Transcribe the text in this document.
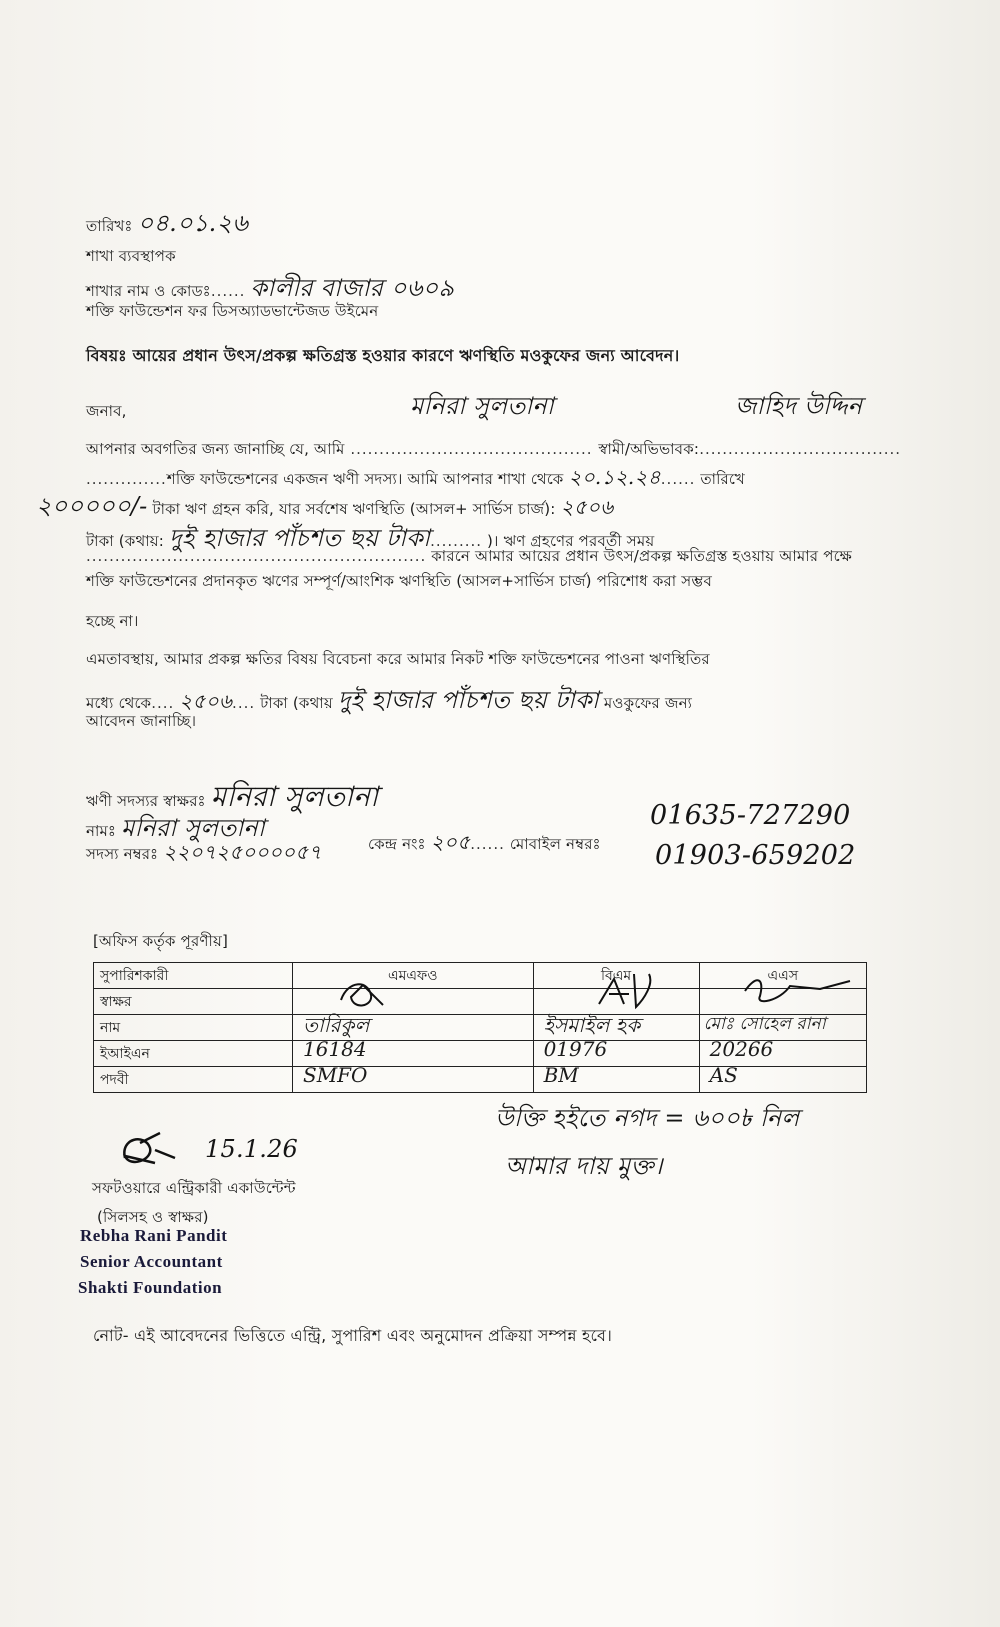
তারিখঃ ০৪.০১.২৬
শাখা ব্যবস্থাপক
শাখার নাম ও কোডঃ...... কালীর বাজার ০৬০৯
শক্তি ফাউন্ডেশন ফর ডিসঅ্যাডভান্টেজড উইমেন
বিষয়ঃ আয়ের প্রধান উৎস/প্রকল্প ক্ষতিগ্রস্ত হওয়ার কারণে ঋণস্থিতি মওকুফের জন্য আবেদন।
জনাব,	মনিরা সুলতানা	জাহিদ উদ্দিন
আপনার অবগতির জন্য জানাচ্ছি যে, আমি .......................................... স্বামী/অভিভাবক:...................................
..............শক্তি ফাউন্ডেশনের একজন ঋণী সদস্য। আমি আপনার শাখা থেকে ২০.১২.২৪...... তারিখে
২০০০০০/- টাকা ঋণ গ্রহন করি, যার সর্বশেষ ঋণস্থিতি (আসল+ সার্ভিস চার্জ): ২৫০৬
টাকা (কথায়: দুই হাজার পাঁচশত ছয় টাকা......... )। ঋণ গ্রহণের পরবর্তী সময়
........................................................... কারনে আমার আয়ের প্রধান উৎস/প্রকল্প ক্ষতিগ্রস্ত হওয়ায় আমার পক্ষে
শক্তি ফাউন্ডেশনের প্রদানকৃত ঋণের সম্পূর্ণ/আংশিক ঋণস্থিতি (আসল+সার্ভিস চার্জ) পরিশোধ করা সম্ভব
হচ্ছে না।
এমতাবস্থায়, আমার প্রকল্প ক্ষতির বিষয় বিবেচনা করে আমার নিকট শক্তি ফাউন্ডেশনের পাওনা ঋণস্থিতির
মধ্যে থেকে.... ২৫০৬.... টাকা (কথায় দুই হাজার পাঁচশত ছয় টাকা মওকুফের জন্য
আবেদন জানাচ্ছি।
ঋণী সদস্যর স্বাক্ষরঃ মনিরা সুলতানা
নামঃ মনিরা সুলতানা
সদস্য নম্বরঃ ২২০৭২৫০০০০৫৭	কেন্দ্র নংঃ ২০৫...... মোবাইল নম্বরঃ
01635-727290
01903-659202
[অফিস কর্তৃক পূরণীয়]
সুপারিশকারী	এমএফও	বিএম	এএস
স্বাক্ষর	

নাম	তারিকুল	ইসমাইল হক	মোঃ সোহেল রানা

ইআইএন	16184	01976	20266

পদবী	SMFO	BM	AS
উক্তি হইতে নগদ = ৬০০৳ নিল
আমার দায় মুক্ত।
15.1.26
সফটওয়ারে এন্ট্রিকারী একাউন্টেন্ট
(সিলসহ ও স্বাক্ষর)
Rebha Rani Pandit
Senior Accountant
Shakti Foundation
নোট- এই আবেদনের ভিত্তিতে এন্ট্রি, সুপারিশ এবং অনুমোদন প্রক্রিয়া সম্পন্ন হবে।
